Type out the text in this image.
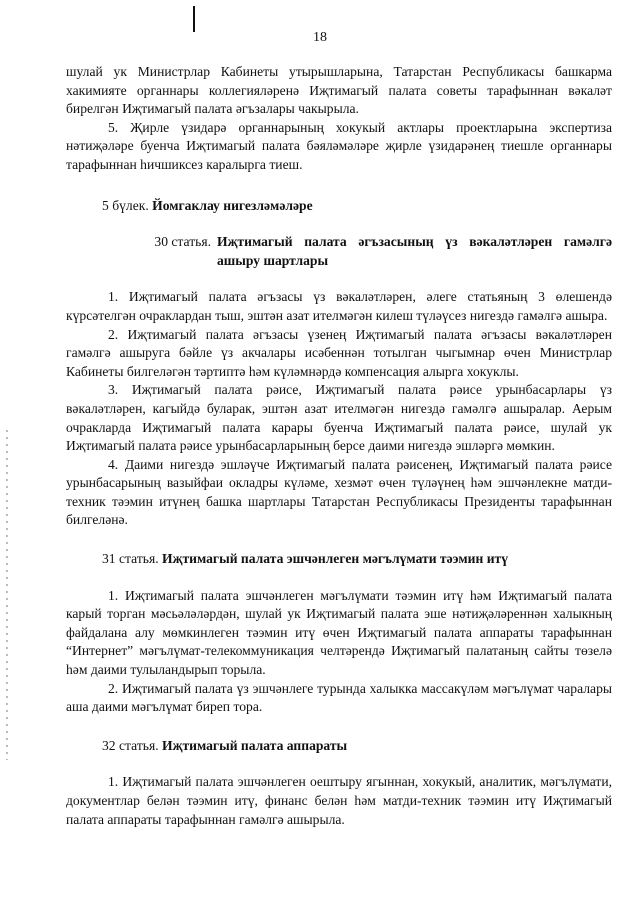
18

шулай ук Министрлар Кабинеты утырышларына, Татарстан Республикасы башкарма хакимияте органнары коллегияләренә Иҗтимагый палата советы тарафыннан вәкаләт бирелгән Иҗтимагый палата әгъзалары чакырыла.

5. Җирле үзидарә органнарының хокукый актлары проектларына экспертиза нәтиҗәләре буенча Иҗтимагый палата бәяләмәләре җирле үзидарәнең тиешле органнары тарафыннан һичшиксез каралырга тиеш.

5 бүлек. Йомгаклау нигезләмәләре

30 статья. Иҗтимагый палата әгъзасының үз вәкаләтләрен гамәлгә ашыру шартлары

1. Иҗтимагый палата әгъзасы үз вәкаләтләрен, әлеге статьяның 3 өлешендә күрсәтелгән очраклардан тыш, эштән азат ителмәгән килеш түләүсез нигездә гамәлгә ашыра.

2. Иҗтимагый палата әгъзасы үзенең Иҗтимагый палата әгъзасы вәкаләтләрен гамәлгә ашыруга бәйле үз акчалары исәбеннән тотылган чыгымнар өчен Министрлар Кабинеты билгеләгән тәртиптә һәм күләмнәрдә компенсация алырга хокуклы.

3. Иҗтимагый палата рәисе, Иҗтимагый палата рәисе урынбасарлары үз вәкаләтләрен, кагыйдә буларак, эштән азат ителмәгән нигездә гамәлгә ашыралар. Аерым очракларда Иҗтимагый палата карары буенча Иҗтимагый палата рәисе, шулай ук Иҗтимагый палата рәисе урынбасарларының берсе даими нигездә эшләргә мөмкин.

4. Даими нигездә эшләүче Иҗтимагый палата рәисенең, Иҗтимагый палата рәисе урынбасарының вазыйфаи окладры күләме, хезмәт өчен түләүнең һәм эшчәнлекне матди-техник тәэмин итүнең башка шартлары Татарстан Республикасы Президенты тарафыннан билгеләнә.

31 статья. Иҗтимагый палата эшчәнлеген мәгълүмати тәэмин итү

1. Иҗтимагый палата эшчәнлеген мәгълүмати тәэмин итү һәм Иҗтимагый палата карый торган мәсьәләләрдән, шулай ук Иҗтимагый палата эше нәтиҗәләреннән халыкның файдалана алу мөмкинлеген тәэмин итү өчен Иҗтимагый палата аппараты тарафыннан “Интернет” мәгълүмат-телекоммуникация челтәрендә Иҗтимагый палатаның сайты төзелә һәм даими тулыландырып торыла.

2. Иҗтимагый палата үз эшчәнлеге турында халыкка массакүләм мәгълүмат чаралары аша даими мәгълүмат биреп тора.

32 статья. Иҗтимагый палата аппараты

1. Иҗтимагый палата эшчәнлеген оештыру ягыннан, хокукый, аналитик, мәгълүмати, документлар белән тәэмин итү, финанс белән һәм матди-техник тәэмин итү Иҗтимагый палата аппараты тарафыннан гамәлгә ашырыла.
